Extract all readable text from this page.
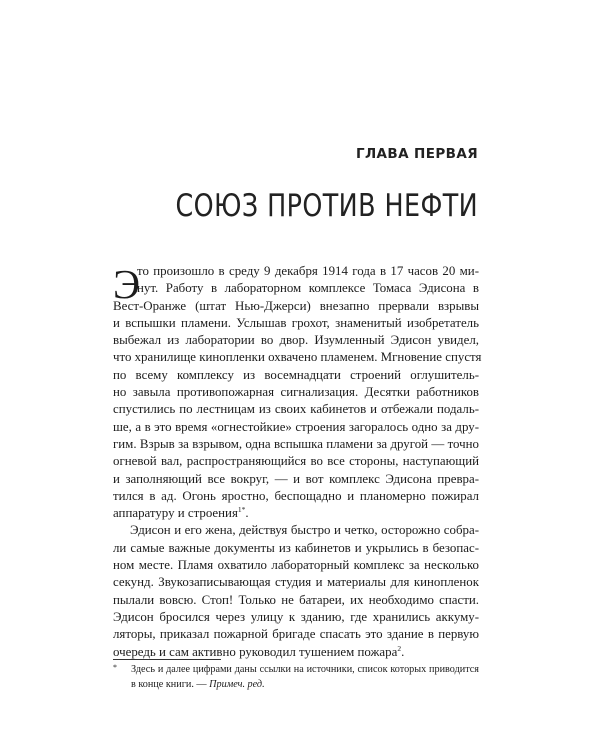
ГЛАВА ПЕРВАЯ
СОЮЗ ПРОТИВ НЕФТИ
Э
то произошло в среду 9 декабря 1914 года в 17 часов 20 ми-
нут. Работу в лабораторном комплексе Томаса Эдисона в
Вест-Оранже (штат Нью-Джерси) внезапно прервали взрывы
и вспышки пламени. Услышав грохот, знаменитый изобретатель
выбежал из лаборатории во двор. Изумленный Эдисон увидел,
что хранилище кинопленки охвачено пламенем. Мгновение спустя
по всему комплексу из восемнадцати строений оглушитель-
но завыла противопожарная сигнализация. Десятки работников
спустились по лестницам из своих кабинетов и отбежали подаль-
ше, а в это время «огнестойкие» строения загоралось одно за дру-
гим. Взрыв за взрывом, одна вспышка пламени за другой — точно
огневой вал, распространяющийся во все стороны, наступающий
и заполняющий все вокруг, — и вот комплекс Эдисона превра-
тился в ад. Огонь яростно, беспощадно и планомерно пожирал
аппаратуру и строения$^{1*}$.
Эдисон и его жена, действуя быстро и четко, осторожно собра-
ли самые важные документы из кабинетов и укрылись в безопас-
ном месте. Пламя охватило лабораторный комплекс за несколько
секунд. Звукозаписывающая студия и материалы для кинопленок
пылали вовсю. Стоп! Только не батареи, их необходимо спасти.
Эдисон бросился через улицу к зданию, где хранились аккуму-
ляторы, приказал пожарной бригаде спасать это здание в первую
очередь и сам активно руководил тушением пожара$^2$.
*	Здесь и далее цифрами даны ссылки на источники, список которых приводится
в конце книги. — Примеч. ред.
